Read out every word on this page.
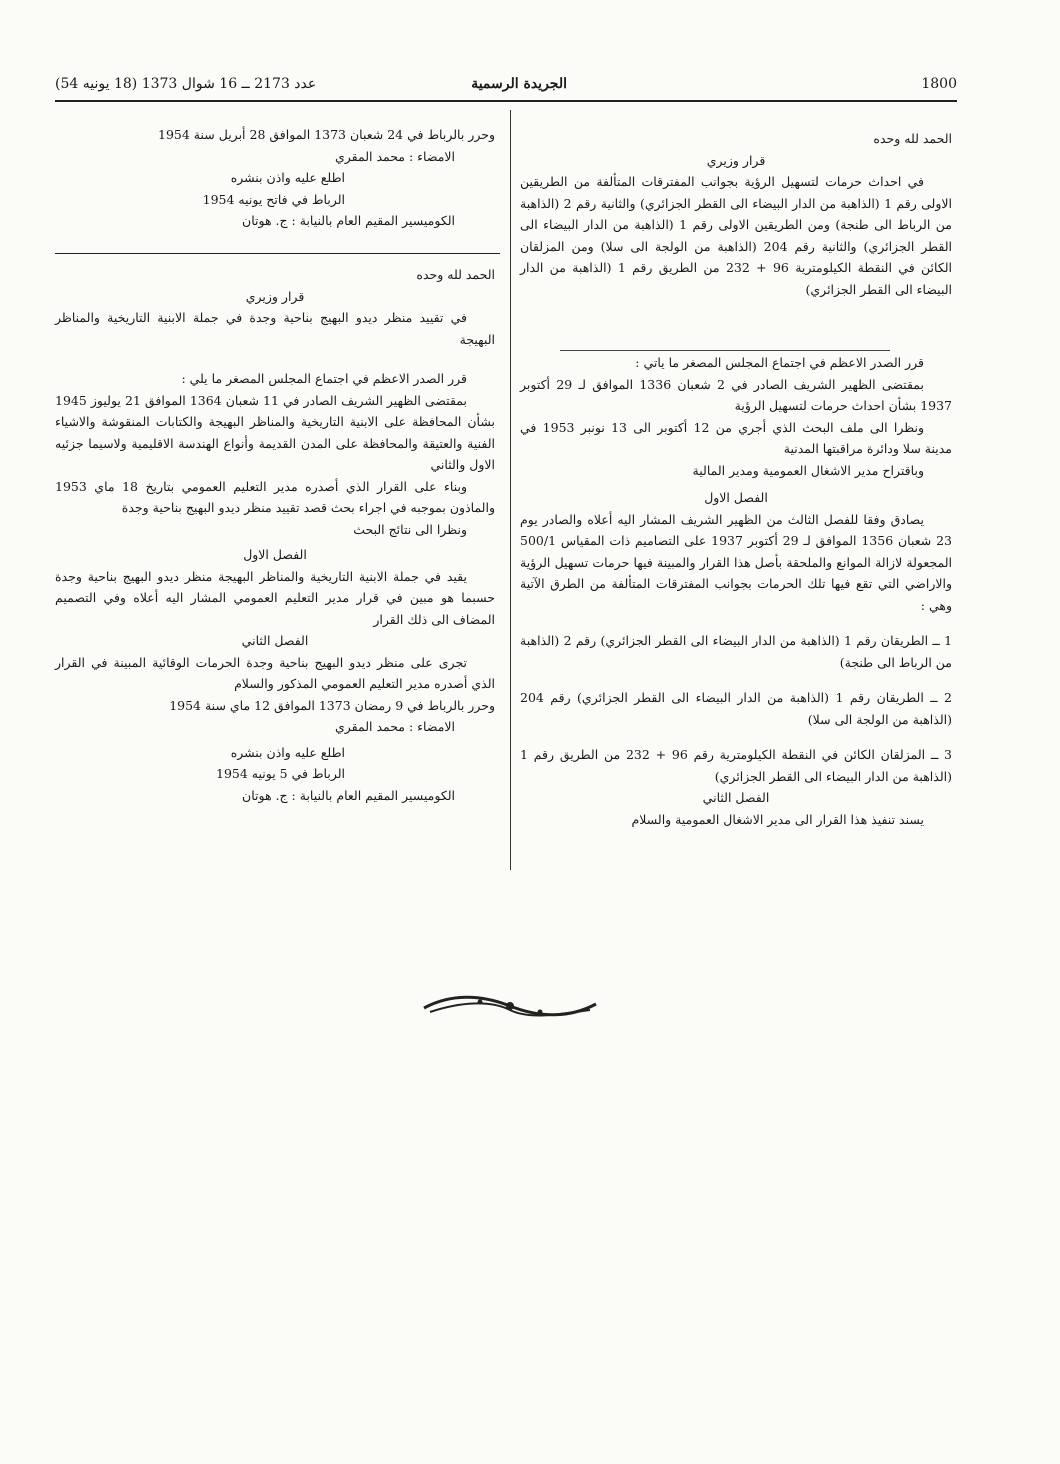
1800
الجريدة الرسمية
عدد 2173 ــ 16 شوال 1373 (18 يونيه 54)

الحمد لله وحده

قرار وزيري

في احداث حرمات لتسهيل الرؤية بجوانب المفترقات المتألفة من الطريقين الاولى رقم 1 (الذاهبة من الدار البيضاء الى القطر الجزائري) والثانية رقم 2 (الذاهبة من الرباط الى طنجة) ومن الطريقين الاولى رقم 1 (الذاهبة من الدار البيضاء الى القطر الجزائري) والثانية رقم 204 (الذاهبة من الولجة الى سلا) ومن المزلقان الكائن في النقطة الكيلومترية 96 + 232 من الطريق رقم 1 (الذاهبة من الدار البيضاء الى القطر الجزائري)

قرر الصدر الاعظم في اجتماع المجلس المصغر ما ياتي :

بمقتضى الظهير الشريف الصادر في 2 شعبان 1336 الموافق لـ 29 أكتوبر 1937 بشأن احداث حرمات لتسهيل الرؤية

ونظرا الى ملف البحث الذي أجري من 12 أكتوبر الى 13 نونبر 1953 في مدينة سلا ودائرة مراقبتها المدنية

وباقتراح مدير الاشغال العمومية ومدير المالية

الفصل الاول

يصادق وفقا للفصل الثالث من الظهير الشريف المشار اليه أعلاه والصادر يوم 23 شعبان 1356 الموافق لـ 29 أكتوبر 1937 على التصاميم ذات المقياس 500/1 المجعولة لازالة الموانع والملحقة بأصل هذا القرار والمبينة فيها حرمات تسهيل الرؤية والاراضي التي تقع فيها تلك الحرمات بجوانب المفترقات المتألفة من الطرق الآتية وهي :

1 ــ الطريقان رقم 1 (الذاهبة من الدار البيضاء الى القطر الجزائري) رقم 2 (الذاهبة من الرباط الى طنجة)

2 ــ الطريقان رقم 1 (الذاهبة من الدار البيضاء الى القطر الجزائري) رقم 204 (الذاهبة من الولجة الى سلا)

3 ــ المزلقان الكائن في النقطة الكيلومترية رقم 96 + 232 من الطريق رقم 1 (الذاهبة من الدار البيضاء الى القطر الجزائري)

الفصل الثاني

يسند تنفيذ هذا القرار الى مدير الاشغال العمومية والسلام

وحرر بالرباط في 24 شعبان 1373 الموافق 28 أبريل سنة 1954

الامضاء : محمد المقري

اطلع عليه واذن بنشره

الرباط في فاتح يونيه 1954

الكوميسير المقيم العام بالنيابة : ج. هوتان

الحمد لله وحده

قرار وزيري

في تقييد منظر ديدو البهيج بناحية وجدة في جملة الابنية التاريخية والمناظر البهيجة

قرر الصدر الاعظم في اجتماع المجلس المصغر ما يلي :

بمقتضى الظهير الشريف الصادر في 11 شعبان 1364 الموافق 21 يوليوز 1945 بشأن المحافظة على الابنية التاريخية والمناظر البهيجة والكتابات المنقوشة والاشياء الفنية والعتيقة والمحافظة على المدن القديمة وأنواع الهندسة الاقليمية ولاسيما جزئيه الاول والثاني

وبناء على القرار الذي أصدره مدير التعليم العمومي بتاريخ 18 ماي 1953 والماذون بموجبه في اجراء بحث قصد تقييد منظر ديدو البهيج بناحية وجدة

ونظرا الى نتائج البحث

الفصل الاول

يقيد في جملة الابنية التاريخية والمناظر البهيجة منظر ديدو البهيج بناحية وجدة حسبما هو مبين في قرار مدير التعليم العمومي المشار اليه أعلاه وفي التصميم المضاف الى ذلك القرار

الفصل الثاني

تجرى على منظر ديدو البهيج بناحية وجدة الحرمات الوقائية المبينة في القرار الذي أصدره مدير التعليم العمومي المذكور والسلام

وحرر بالرباط في 9 رمضان 1373 الموافق 12 ماي سنة 1954

الامضاء : محمد المقري

اطلع عليه واذن بنشره

الرباط في 5 يونيه 1954

الكوميسير المقيم العام بالنيابة : ج. هوتان
